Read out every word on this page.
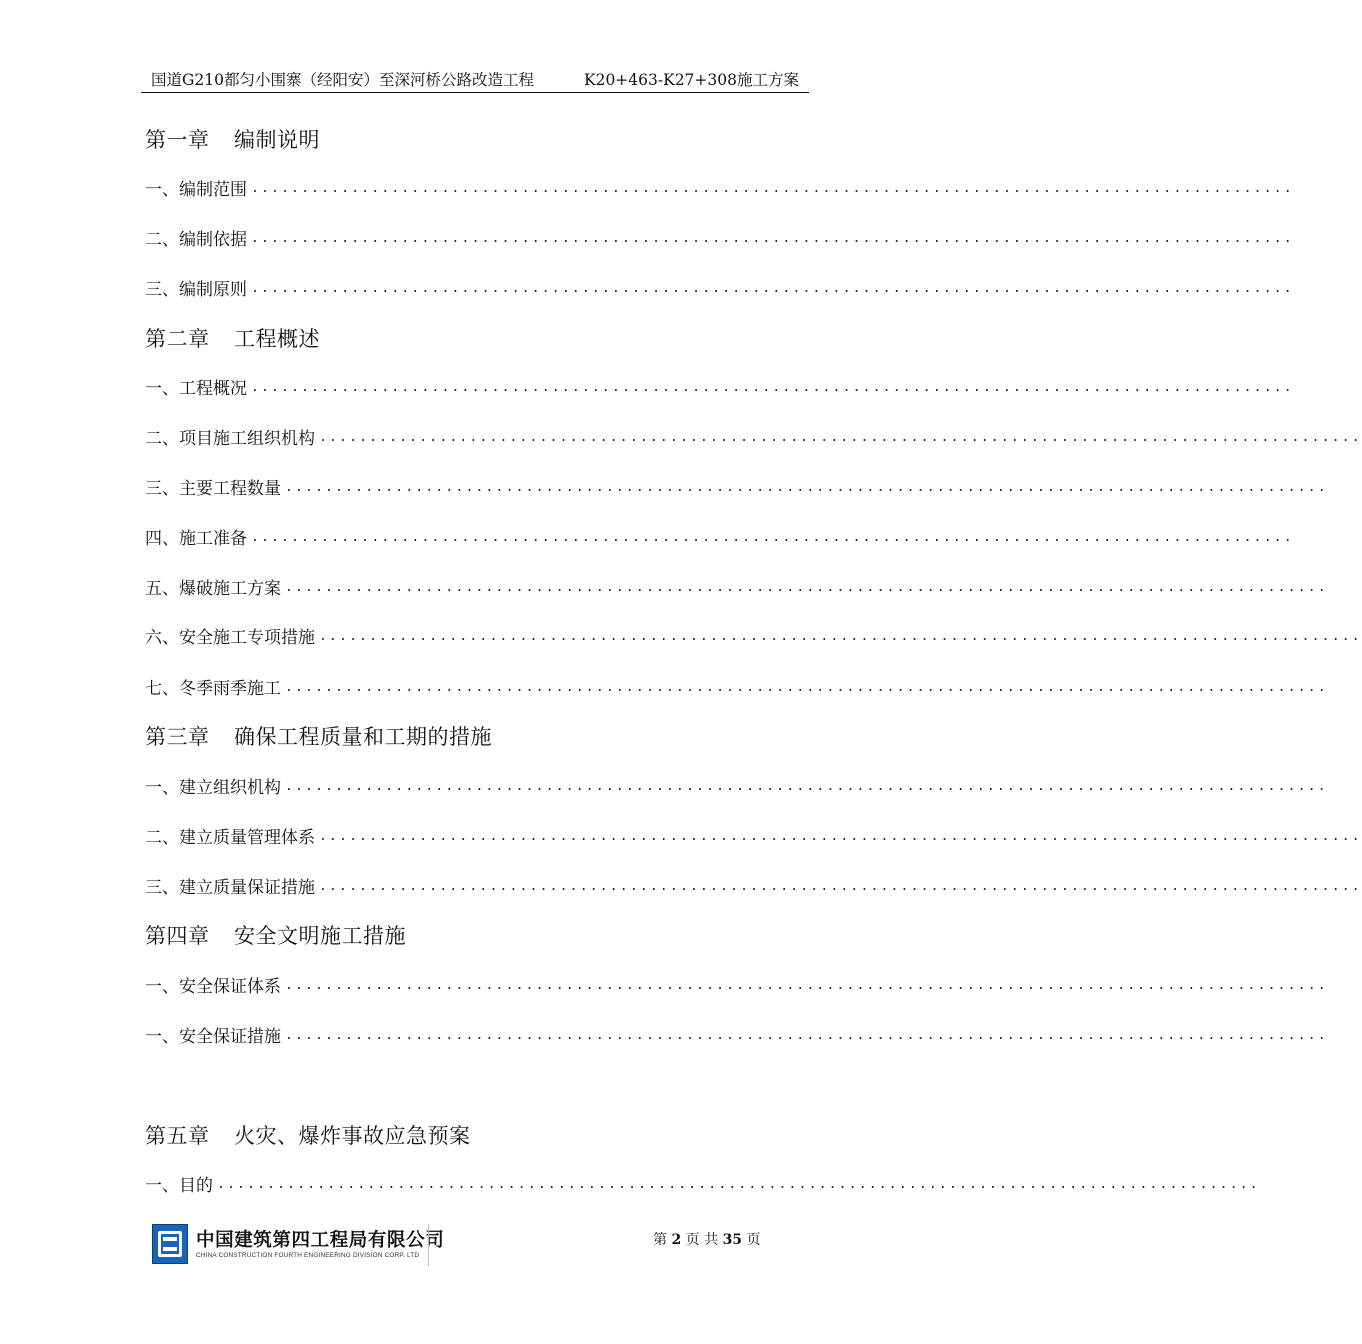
国道G210都匀小围寨（经阳安）至深河桥公路改造工程	K20+463-K27+308施工方案
第一章 编制说明
一、编制范围 ........................................................................................................
二、编制依据 ........................................................................................................
三、编制原则 ........................................................................................................
第二章 工程概述
一、工程概况 ........................................................................................................
二、项目施工组织机构 ........................................................................................................
三、主要工程数量 ........................................................................................................
四、施工准备 ........................................................................................................
五、爆破施工方案 ........................................................................................................
六、安全施工专项措施 ........................................................................................................
七、冬季雨季施工 ........................................................................................................
第三章 确保工程质量和工期的措施
一、建立组织机构 ........................................................................................................
二、建立质量管理体系 ........................................................................................................
三、建立质量保证措施 ........................................................................................................
第四章 安全文明施工措施
一、安全保证体系 ........................................................................................................
一、安全保证措施 ........................................................................................................
第五章 火灾、爆炸事故应急预案
一、目的 ........................................................................................................
中国建筑第四工程局有限公司
CHINA CONSTRUCTION FOURTH ENGINEERING DIVISION CORP. LTD
第 2 页 共 35 页
